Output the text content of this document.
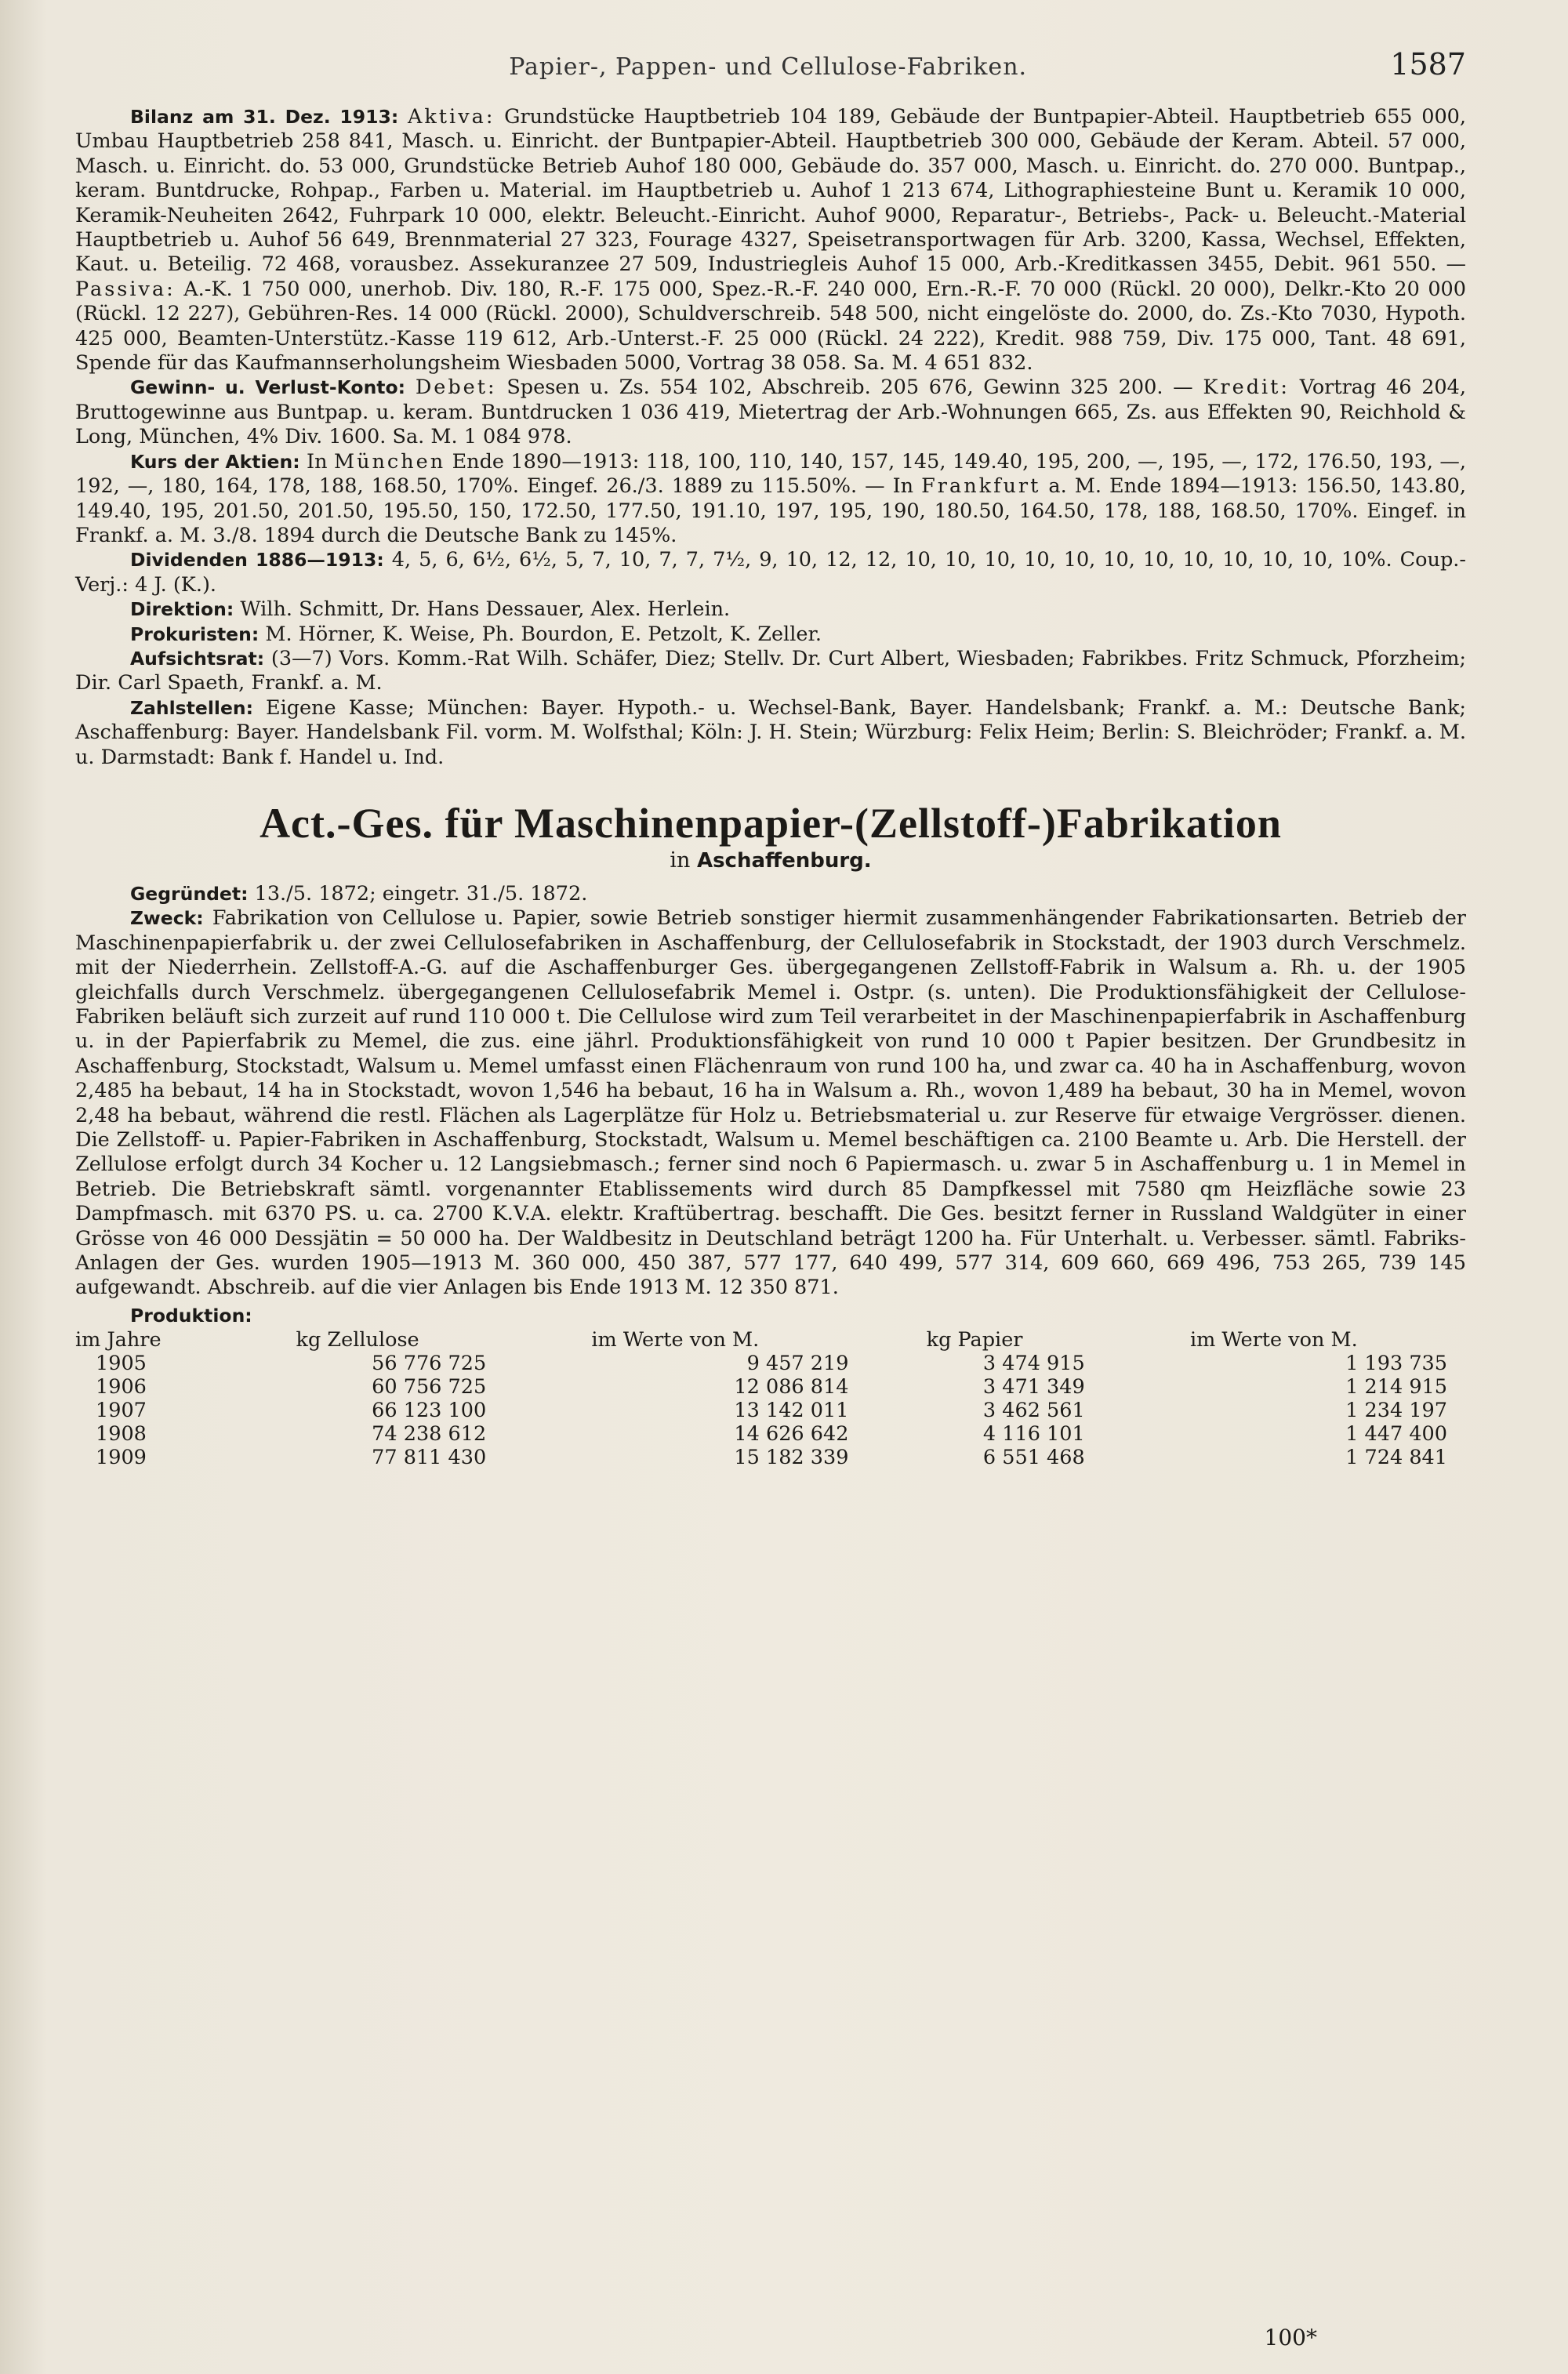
Papier-, Pappen- und Cellulose-Fabriken.	1587

Bilanz am 31. Dez. 1913: Aktiva: Grundstücke Hauptbetrieb 104 189, Gebäude der Buntpapier-Abteil. Hauptbetrieb 655 000, Umbau Hauptbetrieb 258 841, Masch. u. Einricht. der Buntpapier-Abteil. Hauptbetrieb 300 000, Gebäude der Keram. Abteil. 57 000, Masch. u. Einricht. do. 53 000, Grundstücke Betrieb Auhof 180 000, Gebäude do. 357 000, Masch. u. Einricht. do. 270 000. Buntpap., keram. Buntdrucke, Rohpap., Farben u. Material. im Hauptbetrieb u. Auhof 1 213 674, Lithographiesteine Bunt u. Keramik 10 000, Keramik-Neuheiten 2642, Fuhrpark 10 000, elektr. Beleucht.-Einricht. Auhof 9000, Reparatur-, Betriebs-, Pack- u. Beleucht.-Material Hauptbetrieb u. Auhof 56 649, Brennmaterial 27 323, Fourage 4327, Speisetransportwagen für Arb. 3200, Kassa, Wechsel, Effekten, Kaut. u. Beteilig. 72 468, vorausbez. Assekuranzee 27 509, Industriegleis Auhof 15 000, Arb.-Kreditkassen 3455, Debit. 961 550. — Passiva: A.-K. 1 750 000, unerhob. Div. 180, R.-F. 175 000, Spez.-R.-F. 240 000, Ern.-R.-F. 70 000 (Rückl. 20 000), Delkr.-Kto 20 000 (Rückl. 12 227), Gebühren-Res. 14 000 (Rückl. 2000), Schuldverschreib. 548 500, nicht eingelöste do. 2000, do. Zs.-Kto 7030, Hypoth. 425 000, Beamten-Unterstütz.-Kasse 119 612, Arb.-Unterst.-F. 25 000 (Rückl. 24 222), Kredit. 988 759, Div. 175 000, Tant. 48 691, Spende für das Kaufmannserholungsheim Wiesbaden 5000, Vortrag 38 058. Sa. M. 4 651 832.

Gewinn- u. Verlust-Konto: Debet: Spesen u. Zs. 554 102, Abschreib. 205 676, Gewinn 325 200. — Kredit: Vortrag 46 204, Bruttogewinne aus Buntpap. u. keram. Buntdrucken 1 036 419, Mietertrag der Arb.-Wohnungen 665, Zs. aus Effekten 90, Reichhold & Long, München, 4% Div. 1600. Sa. M. 1 084 978.

Kurs der Aktien: In München Ende 1890—1913: 118, 100, 110, 140, 157, 145, 149.40, 195, 200, —, 195, —, 172, 176.50, 193, —, 192, —, 180, 164, 178, 188, 168.50, 170%. Eingef. 26./3. 1889 zu 115.50%. — In Frankfurt a. M. Ende 1894—1913: 156.50, 143.80, 149.40, 195, 201.50, 201.50, 195.50, 150, 172.50, 177.50, 191.10, 197, 195, 190, 180.50, 164.50, 178, 188, 168.50, 170%. Eingef. in Frankf. a. M. 3./8. 1894 durch die Deutsche Bank zu 145%.

Dividenden 1886—1913: 4, 5, 6, 6½, 6½, 5, 7, 10, 7, 7, 7½, 9, 10, 12, 12, 10, 10, 10, 10, 10, 10, 10, 10, 10, 10, 10, 10%. Coup.-Verj.: 4 J. (K.).

Direktion: Wilh. Schmitt, Dr. Hans Dessauer, Alex. Herlein.

Prokuristen: M. Hörner, K. Weise, Ph. Bourdon, E. Petzolt, K. Zeller.

Aufsichtsrat: (3—7) Vors. Komm.-Rat Wilh. Schäfer, Diez; Stellv. Dr. Curt Albert, Wiesbaden; Fabrikbes. Fritz Schmuck, Pforzheim; Dir. Carl Spaeth, Frankf. a. M.

Zahlstellen: Eigene Kasse; München: Bayer. Hypoth.- u. Wechsel-Bank, Bayer. Handelsbank; Frankf. a. M.: Deutsche Bank; Aschaffenburg: Bayer. Handelsbank Fil. vorm. M. Wolfsthal; Köln: J. H. Stein; Würzburg: Felix Heim; Berlin: S. Bleichröder; Frankf. a. M. u. Darmstadt: Bank f. Handel u. Ind.

Act.-Ges. für Maschinenpapier-(Zellstoff-)Fabrikation
in Aschaffenburg.

Gegründet: 13./5. 1872; eingetr. 31./5. 1872.

Zweck: Fabrikation von Cellulose u. Papier, sowie Betrieb sonstiger hiermit zusammenhängender Fabrikationsarten. Betrieb der Maschinenpapierfabrik u. der zwei Cellulosefabriken in Aschaffenburg, der Cellulosefabrik in Stockstadt, der 1903 durch Verschmelz. mit der Niederrhein. Zellstoff-A.-G. auf die Aschaffenburger Ges. übergegangenen Zellstoff-Fabrik in Walsum a. Rh. u. der 1905 gleichfalls durch Verschmelz. übergegangenen Cellulosefabrik Memel i. Ostpr. (s. unten). Die Produktionsfähigkeit der Cellulose-Fabriken beläuft sich zurzeit auf rund 110 000 t. Die Cellulose wird zum Teil verarbeitet in der Maschinenpapierfabrik in Aschaffenburg u. in der Papierfabrik zu Memel, die zus. eine jährl. Produktionsfähigkeit von rund 10 000 t Papier besitzen. Der Grundbesitz in Aschaffenburg, Stockstadt, Walsum u. Memel umfasst einen Flächenraum von rund 100 ha, und zwar ca. 40 ha in Aschaffenburg, wovon 2,485 ha bebaut, 14 ha in Stockstadt, wovon 1,546 ha bebaut, 16 ha in Walsum a. Rh., wovon 1,489 ha bebaut, 30 ha in Memel, wovon 2,48 ha bebaut, während die restl. Flächen als Lagerplätze für Holz u. Betriebsmaterial u. zur Reserve für etwaige Vergrösser. dienen. Die Zellstoff- u. Papier-Fabriken in Aschaffenburg, Stockstadt, Walsum u. Memel beschäftigen ca. 2100 Beamte u. Arb. Die Herstell. der Zellulose erfolgt durch 34 Kocher u. 12 Langsiebmasch.; ferner sind noch 6 Papiermasch. u. zwar 5 in Aschaffenburg u. 1 in Memel in Betrieb. Die Betriebskraft sämtl. vorgenannter Etablissements wird durch 85 Dampfkessel mit 7580 qm Heizfläche sowie 23 Dampfmasch. mit 6370 PS. u. ca. 2700 K.V.A. elektr. Kraftübertrag. beschafft. Die Ges. besitzt ferner in Russland Waldgüter in einer Grösse von 46 000 Dessjätin = 50 000 ha. Der Waldbesitz in Deutschland beträgt 1200 ha. Für Unterhalt. u. Verbesser. sämtl. Fabriks-Anlagen der Ges. wurden 1905—1913 M. 360 000, 450 387, 577 177, 640 499, 577 314, 609 660, 669 496, 753 265, 739 145 aufgewandt. Abschreib. auf die vier Anlagen bis Ende 1913 M. 12 350 871.

Produktion:

im Jahre	kg Zellulose	im Werte von M.	kg Papier	im Werte von M.
1905	56 776 725	9 457 219	3 474 915	1 193 735
1906	60 756 725	12 086 814	3 471 349	1 214 915
1907	66 123 100	13 142 011	3 462 561	1 234 197
1908	74 238 612	14 626 642	4 116 101	1 447 400
1909	77 811 430	15 182 339	6 551 468	1 724 841
100*
